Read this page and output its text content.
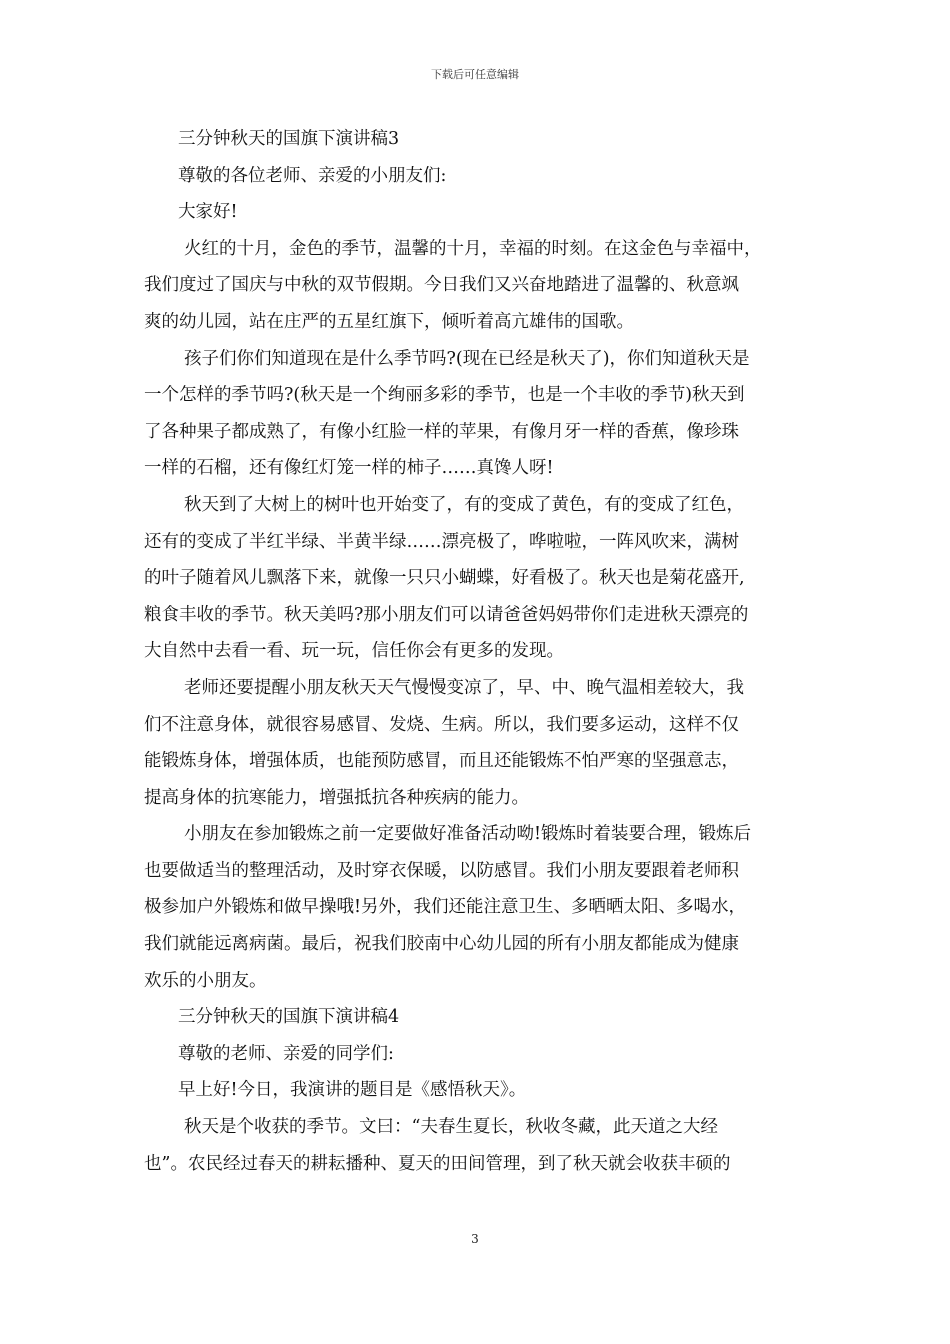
下载后可任意编辑
三分钟秋天的国旗下演讲稿3
尊敬的各位老师、亲爱的小朋友们:
大家好!
火红的十月，金色的季节，温馨的十月，幸福的时刻。在这金色与幸福中，
我们度过了国庆与中秋的双节假期。今日我们又兴奋地踏进了温馨的、秋意飒
爽的幼儿园，站在庄严的五星红旗下，倾听着高亢雄伟的国歌。
孩子们你们知道现在是什么季节吗?(现在已经是秋天了)，你们知道秋天是
一个怎样的季节吗?(秋天是一个绚丽多彩的季节，也是一个丰收的季节)秋天到
了各种果子都成熟了，有像小红脸一样的苹果，有像月牙一样的香蕉，像珍珠
一样的石榴，还有像红灯笼一样的柿子……真馋人呀!
秋天到了大树上的树叶也开始变了，有的变成了黄色，有的变成了红色，
还有的变成了半红半绿、半黄半绿……漂亮极了，哗啦啦，一阵风吹来，满树
的叶子随着风儿飘落下来，就像一只只小蝴蝶，好看极了。秋天也是菊花盛开,
粮食丰收的季节。秋天美吗?那小朋友们可以请爸爸妈妈带你们走进秋天漂亮的
大自然中去看一看、玩一玩，信任你会有更多的发现。
老师还要提醒小朋友秋天天气慢慢变凉了，早、中、晚气温相差较大，我
们不注意身体，就很容易感冒、发烧、生病。所以，我们要多运动，这样不仅
能锻炼身体，增强体质，也能预防感冒，而且还能锻炼不怕严寒的坚强意志，
提高身体的抗寒能力，增强抵抗各种疾病的能力。
小朋友在参加锻炼之前一定要做好准备活动呦!锻炼时着装要合理，锻炼后
也要做适当的整理活动，及时穿衣保暖，以防感冒。我们小朋友要跟着老师积
极参加户外锻炼和做早操哦!另外，我们还能注意卫生、多晒晒太阳、多喝水，
我们就能远离病菌。最后，祝我们胶南中心幼儿园的所有小朋友都能成为健康
欢乐的小朋友。
三分钟秋天的国旗下演讲稿4
尊敬的老师、亲爱的同学们:
早上好!今日，我演讲的题目是《感悟秋天》。
秋天是个收获的季节。文曰：“夫春生夏长，秋收冬藏，此天道之大经
也”。农民经过春天的耕耘播种、夏天的田间管理，到了秋天就会收获丰硕的
3
